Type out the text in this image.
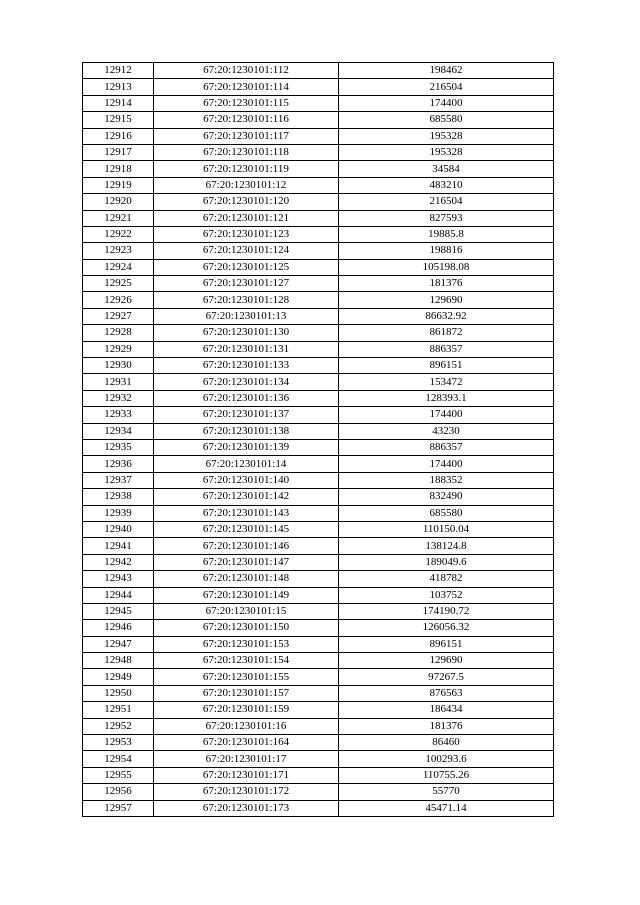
12912	67:20:1230101:112	198462
12913	67:20:1230101:114	216504
12914	67:20:1230101:115	174400
12915	67:20:1230101:116	685580
12916	67:20:1230101:117	195328
12917	67:20:1230101:118	195328
12918	67:20:1230101:119	34584
12919	67:20:1230101:12	483210
12920	67:20:1230101:120	216504
12921	67:20:1230101:121	827593
12922	67:20:1230101:123	19885.8
12923	67:20:1230101:124	198816
12924	67:20:1230101:125	105198.08
12925	67:20:1230101:127	181376
12926	67:20:1230101:128	129690
12927	67:20:1230101:13	86632.92
12928	67:20:1230101:130	861872
12929	67:20:1230101:131	886357
12930	67:20:1230101:133	896151
12931	67:20:1230101:134	153472
12932	67:20:1230101:136	128393.1
12933	67:20:1230101:137	174400
12934	67:20:1230101:138	43230
12935	67:20:1230101:139	886357
12936	67:20:1230101:14	174400
12937	67:20:1230101:140	188352
12938	67:20:1230101:142	832490
12939	67:20:1230101:143	685580
12940	67:20:1230101:145	110150.04
12941	67:20:1230101:146	138124.8
12942	67:20:1230101:147	189049.6
12943	67:20:1230101:148	418782
12944	67:20:1230101:149	103752
12945	67:20:1230101:15	174190.72
12946	67:20:1230101:150	126056.32
12947	67:20:1230101:153	896151
12948	67:20:1230101:154	129690
12949	67:20:1230101:155	97267.5
12950	67:20:1230101:157	876563
12951	67:20:1230101:159	186434
12952	67:20:1230101:16	181376
12953	67:20:1230101:164	86460
12954	67:20:1230101:17	100293.6
12955	67:20:1230101:171	110755.26
12956	67:20:1230101:172	55770
12957	67:20:1230101:173	45471.14
